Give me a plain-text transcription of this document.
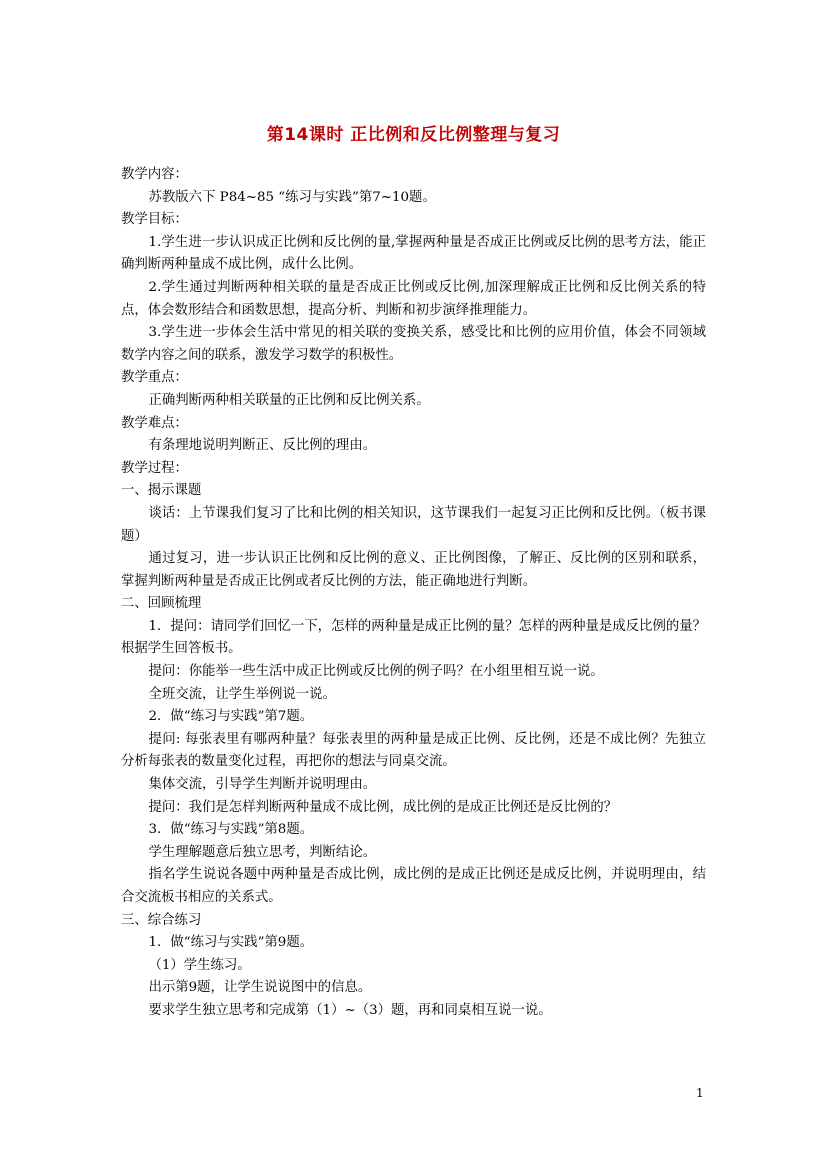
第14课时 正比例和反比例整理与复习

教学内容：

苏教版六下 P84~85 “练习与实践”第7~10题。

教学目标：

1.学生进一步认识成正比例和反比例的量,掌握两种量是否成正比例或反比例的思考方法，能正确判断两种量成不成比例，成什么比例。

2.学生通过判断两种相关联的量是否成正比例或反比例,加深理解成正比例和反比例关系的特点，体会数形结合和函数思想，提高分析、判断和初步演绎推理能力。

3.学生进一步体会生活中常见的相关联的变换关系，感受比和比例的应用价值，体会不同领域数学内容之间的联系，激发学习数学的积极性。

教学重点：

正确判断两种相关联量的正比例和反比例关系。

教学难点：

有条理地说明判断正、反比例的理由。

教学过程：

一、揭示课题

谈话：上节课我们复习了比和比例的相关知识，这节课我们一起复习正比例和反比例。（板书课题）

通过复习，进一步认识正比例和反比例的意义、正比例图像，了解正、反比例的区别和联系，掌握判断两种量是否成正比例或者反比例的方法，能正确地进行判断。

二、回顾梳理

1．提问：请同学们回忆一下，怎样的两种量是成正比例的量？怎样的两种量是成反比例的量？ 根据学生回答板书。

提问：你能举一些生活中成正比例或反比例的例子吗？在小组里相互说一说。

全班交流，让学生举例说一说。

2．做“练习与实践”第7题。

提问: 每张表里有哪两种量？每张表里的两种量是成正比例、反比例，还是不成比例？先独立分析每张表的数量变化过程，再把你的想法与同桌交流。

集体交流，引导学生判断并说明理由。

提问：我们是怎样判断两种量成不成比例，成比例的是成正比例还是反比例的？

3．做“练习与实践”第8题。

学生理解题意后独立思考，判断结论。

指名学生说说各题中两种量是否成比例，成比例的是成正比例还是成反比例，并说明理由，结合交流板书相应的关系式。

三、综合练习

1．做“练习与实践”第9题。

（1）学生练习。

出示第9题，让学生说说图中的信息。

要求学生独立思考和完成第（1）~（3）题，再和同桌相互说一说。

1
